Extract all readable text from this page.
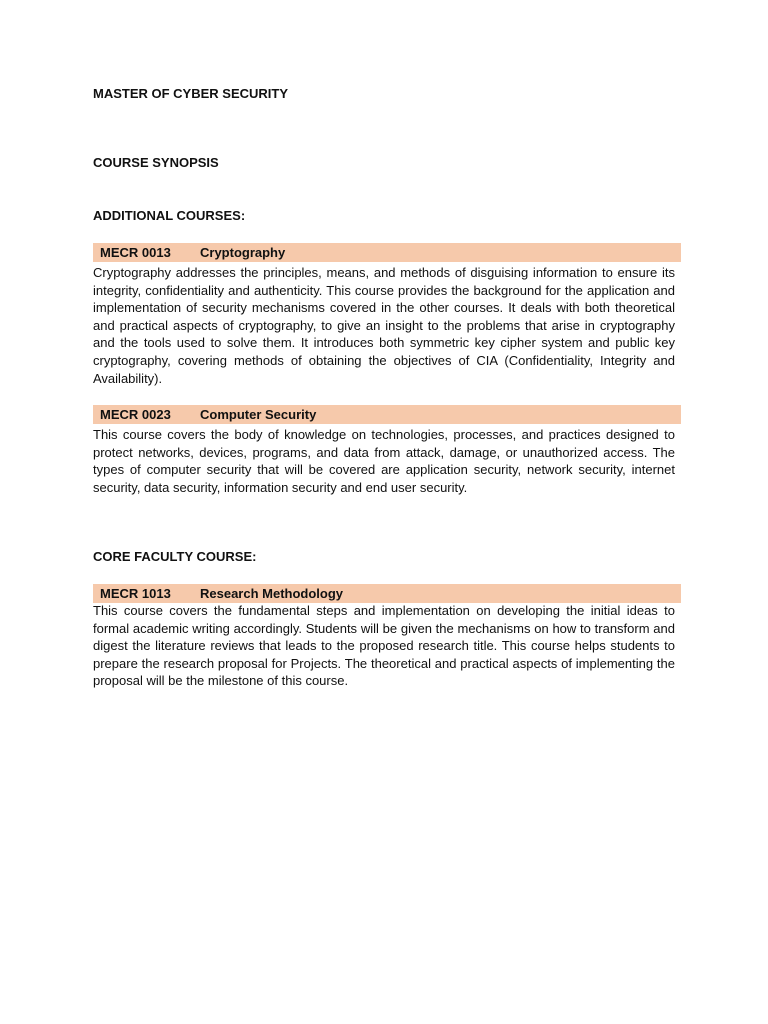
MASTER OF CYBER SECURITY
COURSE SYNOPSIS
ADDITIONAL COURSES:
MECR 0013 Cryptography
Cryptography addresses the principles, means, and methods of disguising information to ensure its integrity, confidentiality and authenticity. This course provides the background for the application and implementation of security mechanisms covered in the other courses. It deals with both theoretical and practical aspects of cryptography, to give an insight to the problems that arise in cryptography and the tools used to solve them. It introduces both symmetric key cipher system and public key cryptography, covering methods of obtaining the objectives of CIA (Confidentiality, Integrity and Availability).
MECR 0023 Computer Security
This course covers the body of knowledge on technologies, processes, and practices designed to protect networks, devices, programs, and data from attack, damage, or unauthorized access. The types of computer security that will be covered are application security, network security, internet security, data security, information security and end user security.
CORE FACULTY COURSE:
MECR 1013 Research Methodology
This course covers the fundamental steps and implementation on developing the initial ideas to formal academic writing accordingly. Students will be given the mechanisms on how to transform and digest the literature reviews that leads to the proposed research title. This course helps students to prepare the research proposal for Projects. The theoretical and practical aspects of implementing the proposal will be the milestone of this course.
